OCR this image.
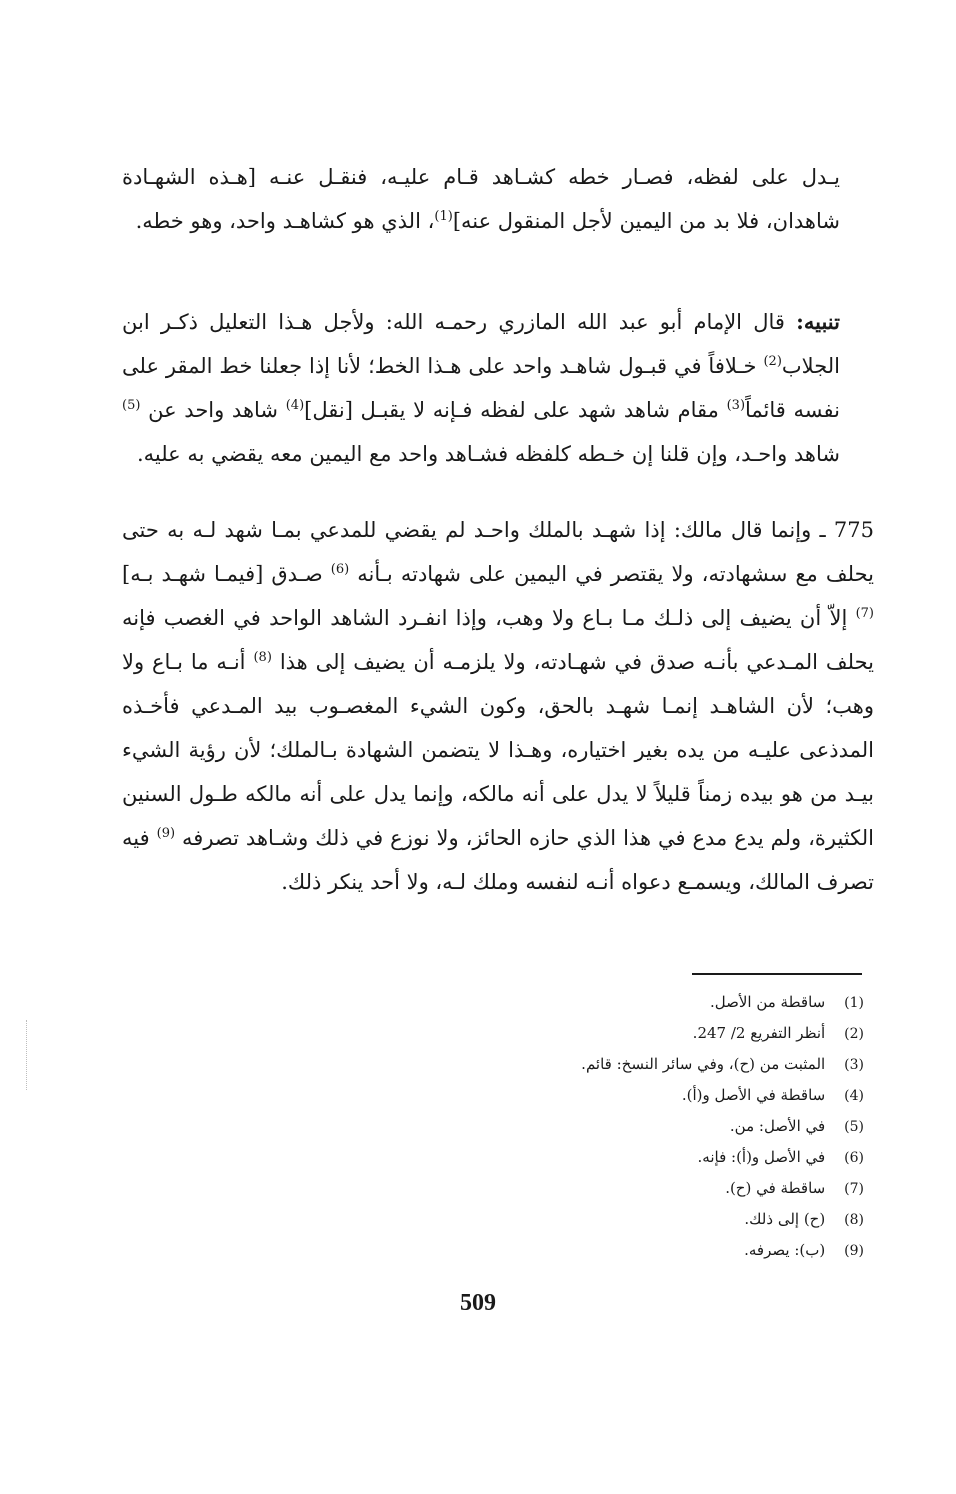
يـدل على لفظه، فصـار خطه كشـاهد قـام عليـه، فنقـل عنـه [هـذه الشهـادة شاهدان، فلا بد من اليمين لأجل المنقول عنه]$^{(1)}$، الذي هو كشاهـد واحد، وهو خطه.

تنبيه: قال الإمام أبو عبد الله المازري رحمـه الله: ولأجل هـذا التعليل ذكـر ابن الجلاب$^{(2)}$ خـلافاً في قبـول شاهـد واحد على هـذا الخط؛ لأنا إذا جعلنا خط المقر على نفسه قائماً$^{(3)}$ مقام شاهد شهد على لفظه فـإنه لا يقبـل [نقل]$^{(4)}$ شاهد واحد عن $^{(5)}$ شاهد واحـد، وإن قلنا إن خـطه كلفظه فشـاهد واحد مع اليمين معه يقضي به عليه.

775 ـ وإنما قال مالك: إذا شهـد بالملك واحـد لم يقضي للمدعي بمـا شهد لـه به حتى يحلف مع سشهادته، ولا يقتصر في اليمين على شهادته بـأنه $^{(6)}$ صـدق [فيمـا شهـد بـه] $^{(7)}$ إلاّ أن يضيف إلى ذلـك مـا بـاع ولا وهب، وإذا انفـرد الشاهد الواحد في الغصب فإنه يحلف المـدعي بأنـه صدق في شهـادته، ولا يلزمـه أن يضيف إلى هذا $^{(8)}$ أنـه ما بـاع ولا وهب؛ لأن الشاهـد إنمـا شهـد بالحق، وكون الشيء المغصـوب بيد المـدعي فأخـذه المدذعى عليـه من يده بغير اختياره، وهـذا لا يتضمن الشهادة بـالملك؛ لأن رؤية الشيء بيـد من هو بيده زمناً قليلاً لا يدل على أنه مالكه، وإنما يدل على أنه مالكه طـول السنين الكثيرة، ولم يدع مدع في هذا الذي حازه الحائز، ولا نوزع في ذلك وشـاهد تصرفه $^{(9)}$ فيه تصرف المالك، ويسمـع دعواه أنـه لنفسه وملك لـه، ولا أحد ينكر ذلك.

(1) ساقطة من الأصل.
(2) أنظر التفريع 2/ 247.
(3) المثبت من (ح)، وفي سائر النسخ: قائم.
(4) ساقطة في الأصل و(أ).
(5) في الأصل: من.
(6) في الأصل و(أ): فإنه.
(7) ساقطة في (ح).
(8) (ح) إلى ذلك.
(9) (ب): يصرفه.
509
